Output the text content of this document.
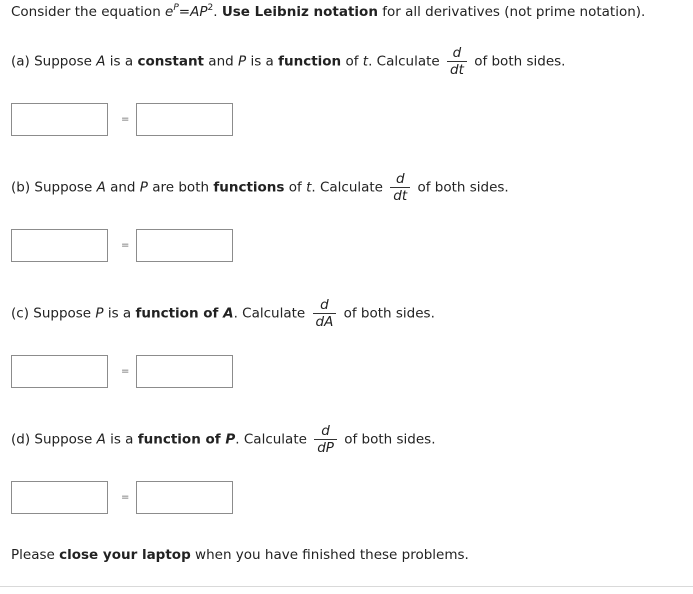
Consider the equation $e^P=AP^2$. Use Leibniz notation for all derivatives (not prime notation).
(a) Suppose A is a constant and P is a function of t. Calculate $\frac{d}{dt}$ of both sides.
=
(b) Suppose A and P are both functions of t. Calculate $\frac{d}{dt}$ of both sides.
=
(c) Suppose P is a function of A. Calculate $\frac{d}{dA}$ of both sides.
=
(d) Suppose A is a function of P. Calculate $\frac{d}{dP}$ of both sides.
=
Please close your laptop when you have finished these problems.
